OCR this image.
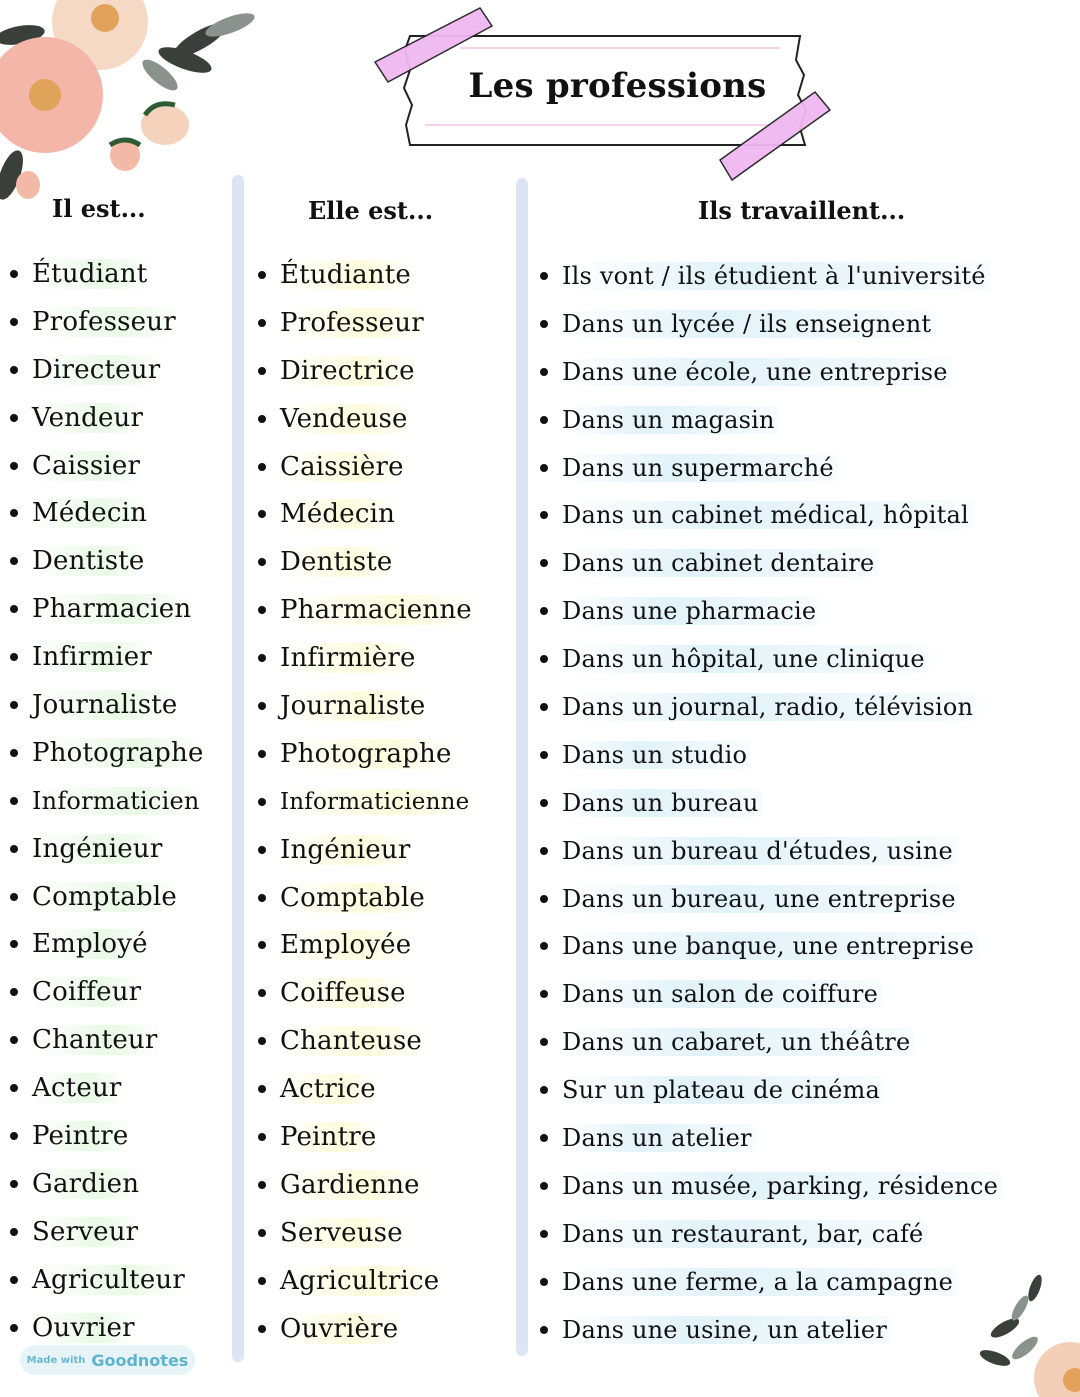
Les professions
Il est...	Elle est...	Ils travaillent...
Étudiant
Professeur
Directeur
Vendeur
Caissier
Médecin
Dentiste
Pharmacien
Infirmier
Journaliste
Photographe
Informaticien
Ingénieur
Comptable
Employé
Coiffeur
Chanteur
Acteur
Peintre
Gardien
Serveur
Agriculteur
Ouvrier
Étudiante
Professeur
Directrice
Vendeuse
Caissière
Médecin
Dentiste
Pharmacienne
Infirmière
Journaliste
Photographe
Informaticienne
Ingénieur
Comptable
Employée
Coiffeuse
Chanteuse
Actrice
Peintre
Gardienne
Serveuse
Agricultrice
Ouvrière
Ils vont / ils étudient à l'université
Dans un lycée / ils enseignent
Dans une école, une entreprise
Dans un magasin
Dans un supermarché
Dans un cabinet médical, hôpital
Dans un cabinet dentaire
Dans une pharmacie
Dans un hôpital, une clinique
Dans un journal, radio, télévision
Dans un studio
Dans un bureau
Dans un bureau d'études, usine
Dans un bureau, une entreprise
Dans une banque, une entreprise
Dans un salon de coiffure
Dans un cabaret, un théâtre
Sur un plateau de cinéma
Dans un atelier
Dans un musée, parking, résidence
Dans un restaurant, bar, café
Dans une ferme, a la campagne
Dans une usine, un atelier
Made with Goodnotes
